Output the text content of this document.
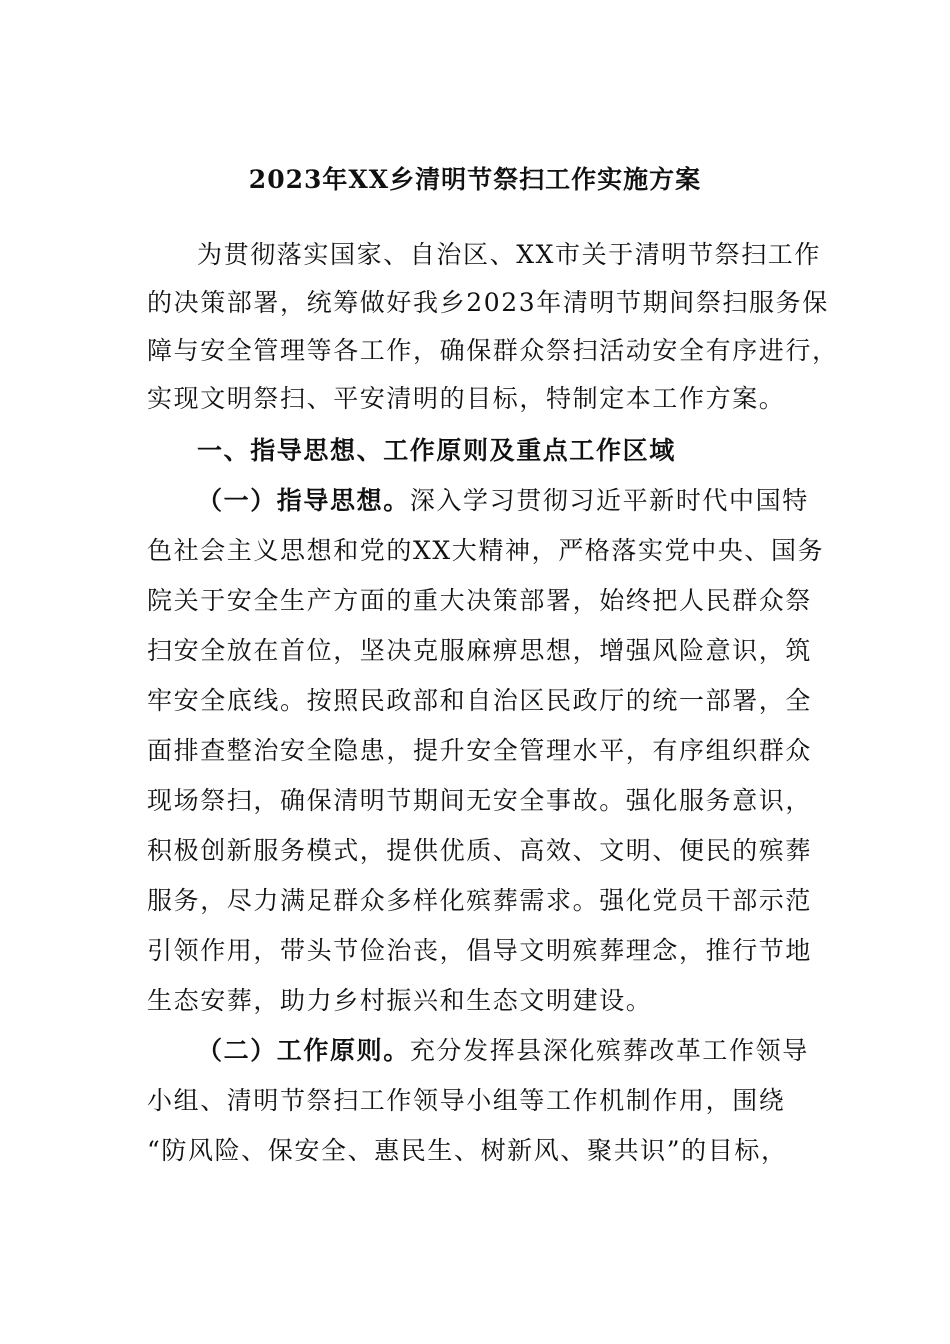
2023年XX乡清明节祭扫工作实施方案
为贯彻落实国家、自治区、XX市关于清明节祭扫工作
的决策部署，统筹做好我乡2023年清明节期间祭扫服务保
障与安全管理等各工作，确保群众祭扫活动安全有序进行，
实现文明祭扫、平安清明的目标，特制定本工作方案。
一、指导思想、工作原则及重点工作区域
（一）指导思想。深入学习贯彻习近平新时代中国特
色社会主义思想和党的XX大精神，严格落实党中央、国务
院关于安全生产方面的重大决策部署，始终把人民群众祭
扫安全放在首位，坚决克服麻痹思想，增强风险意识，筑
牢安全底线。按照民政部和自治区民政厅的统一部署，全
面排查整治安全隐患，提升安全管理水平，有序组织群众
现场祭扫，确保清明节期间无安全事故。强化服务意识，
积极创新服务模式，提供优质、高效、文明、便民的殡葬
服务，尽力满足群众多样化殡葬需求。强化党员干部示范
引领作用，带头节俭治丧，倡导文明殡葬理念，推行节地
生态安葬，助力乡村振兴和生态文明建设。
（二）工作原则。充分发挥县深化殡葬改革工作领导
小组、清明节祭扫工作领导小组等工作机制作用，围绕
“防风险、保安全、惠民生、树新风、聚共识”的目标，
